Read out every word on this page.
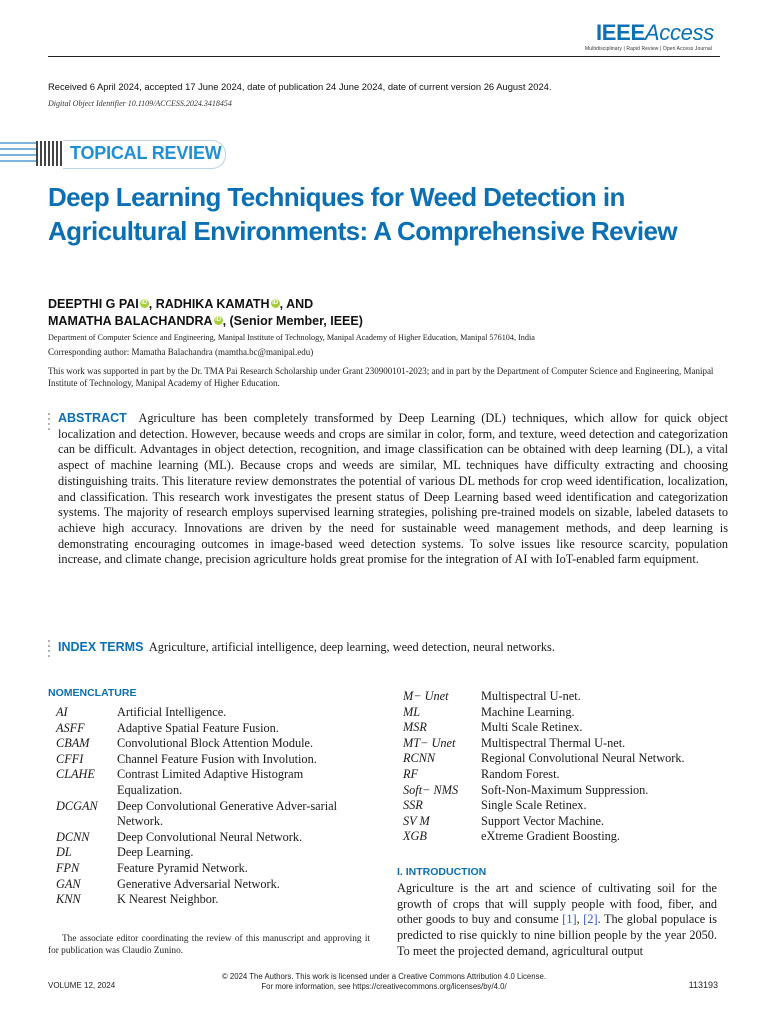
IEEEAccess
Multidisciplinary | Rapid Review | Open Access Journal
Received 6 April 2024, accepted 17 June 2024, date of publication 24 June 2024, date of current version 26 August 2024.
Digital Object Identifier 10.1109/ACCESS.2024.3418454
TOPICAL REVIEW
Deep Learning Techniques for Weed Detection in Agricultural Environments: A Comprehensive Review
DEEPTHI G PAI iD , RADHIKA KAMATH iD , AND
MAMATHA BALACHANDRA iD , (Senior Member, IEEE)
Department of Computer Science and Engineering, Manipal Institute of Technology, Manipal Academy of Higher Education, Manipal 576104, India
Corresponding author: Mamatha Balachandra (mamtha.bc@manipal.edu)
This work was supported in part by the Dr. TMA Pai Research Scholarship under Grant 230900101-2023; and in part by the Department of Computer Science and Engineering, Manipal Institute of Technology, Manipal Academy of Higher Education.
ABSTRACT Agriculture has been completely transformed by Deep Learning (DL) techniques, which allow for quick object localization and detection. However, because weeds and crops are similar in color, form, and texture, weed detection and categorization can be difficult. Advantages in object detection, recognition, and image classification can be obtained with deep learning (DL), a vital aspect of machine learning (ML). Because crops and weeds are similar, ML techniques have difficulty extracting and choosing distinguishing traits. This literature review demonstrates the potential of various DL methods for crop weed identification, localization, and classification. This research work investigates the present status of Deep Learning based weed identification and categorization systems. The majority of research employs supervised learning strategies, polishing pre-trained models on sizable, labeled datasets to achieve high accuracy. Innovations are driven by the need for sustainable weed management methods, and deep learning is demonstrating encouraging outcomes in image-based weed detection systems. To solve issues like resource scarcity, population increase, and climate change, precision agriculture holds great promise for the integration of AI with IoT-enabled farm equipment.
INDEX TERMS Agriculture, artificial intelligence, deep learning, weed detection, neural networks.
NOMENCLATURE
AI	Artificial Intelligence.
ASFF	Adaptive Spatial Feature Fusion.
CBAM	Convolutional Block Attention Module.
CFFI	Channel Feature Fusion with Involution.
CLAHE	Contrast Limited Adaptive Histogram Equalization.
DCGAN	Deep Convolutional Generative Adver-sarial Network.
DCNN	Deep Convolutional Neural Network.
DL	Deep Learning.
FPN	Feature Pyramid Network.
GAN	Generative Adversarial Network.
KNN	K Nearest Neighbor.
M− Unet	Multispectral U-net.
ML	Machine Learning.
MSR	Multi Scale Retinex.
MT− Unet	Multispectral Thermal U-net.
RCNN	Regional Convolutional Neural Network.
RF	Random Forest.
Soft− NMS	Soft-Non-Maximum Suppression.
SSR	Single Scale Retinex.
SV M	Support Vector Machine.
XGB	eXtreme Gradient Boosting.
The associate editor coordinating the review of this manuscript and approving it for publication was Claudio Zunino.
I. INTRODUCTION
Agriculture is the art and science of cultivating soil for the growth of crops that will supply people with food, fiber, and other goods to buy and consume [1], [2]. The global populace is predicted to rise quickly to nine billion people by the year 2050. To meet the projected demand, agricultural output
© 2024 The Authors. This work is licensed under a Creative Commons Attribution 4.0 License.
For more information, see https://creativecommons.org/licenses/by/4.0/
VOLUME 12, 2024	113193
